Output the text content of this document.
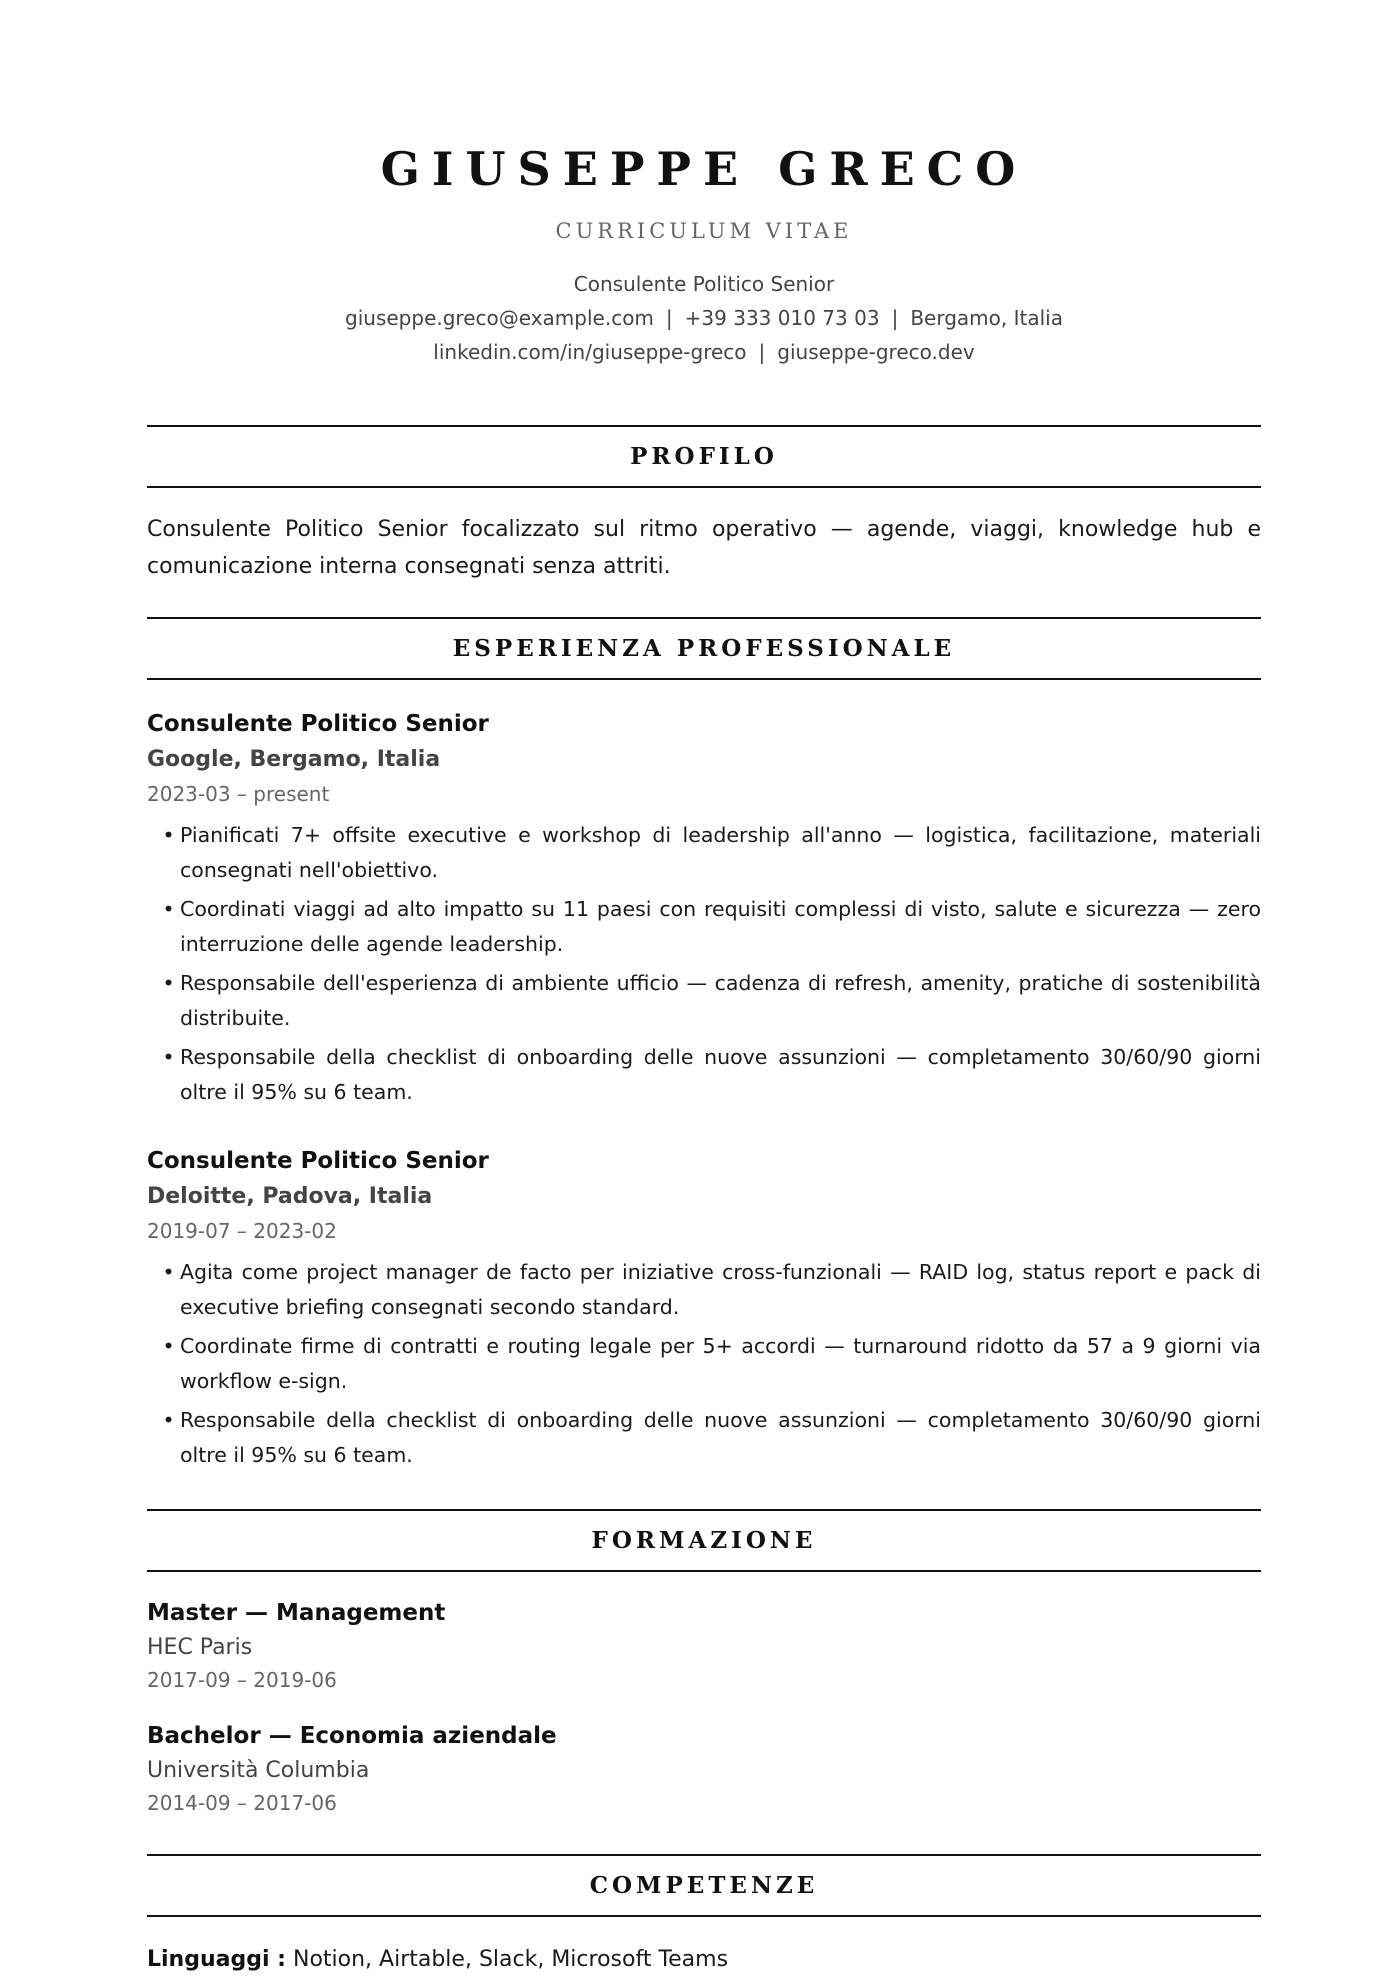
GIUSEPPE GRECO
CURRICULUM VITAE
Consulente Politico Senior
giuseppe.greco@example.com | +39 333 010 73 03 | Bergamo, Italia
linkedin.com/in/giuseppe-greco | giuseppe-greco.dev
PROFILO
Consulente Politico Senior focalizzato sul ritmo operativo — agende, viaggi, knowledge hub e comunicazione interna consegnati senza attriti.
ESPERIENZA PROFESSIONALE
Consulente Politico Senior
Google, Bergamo, Italia
2023-03 – present
• Pianificati 7+ offsite executive e workshop di leadership all'anno — logistica, facilitazione, materiali consegnati nell'obiettivo.
• Coordinati viaggi ad alto impatto su 11 paesi con requisiti complessi di visto, salute e sicurezza — zero interruzione delle agende leadership.
• Responsabile dell'esperienza di ambiente ufficio — cadenza di refresh, amenity, pratiche di sostenibilità distribuite.
• Responsabile della checklist di onboarding delle nuove assunzioni — completamento 30/60/90 giorni oltre il 95% su 6 team.
Consulente Politico Senior
Deloitte, Padova, Italia
2019-07 – 2023-02
• Agita come project manager de facto per iniziative cross-funzionali — RAID log, status report e pack di executive briefing consegnati secondo standard.
• Coordinate firme di contratti e routing legale per 5+ accordi — turnaround ridotto da 57 a 9 giorni via workflow e-sign.
• Responsabile della checklist di onboarding delle nuove assunzioni — completamento 30/60/90 giorni oltre il 95% su 6 team.
FORMAZIONE
Master — Management
HEC Paris
2017-09 – 2019-06
Bachelor — Economia aziendale
Università Columbia
2014-09 – 2017-06
COMPETENZE
Linguaggi : Notion, Airtable, Slack, Microsoft Teams
